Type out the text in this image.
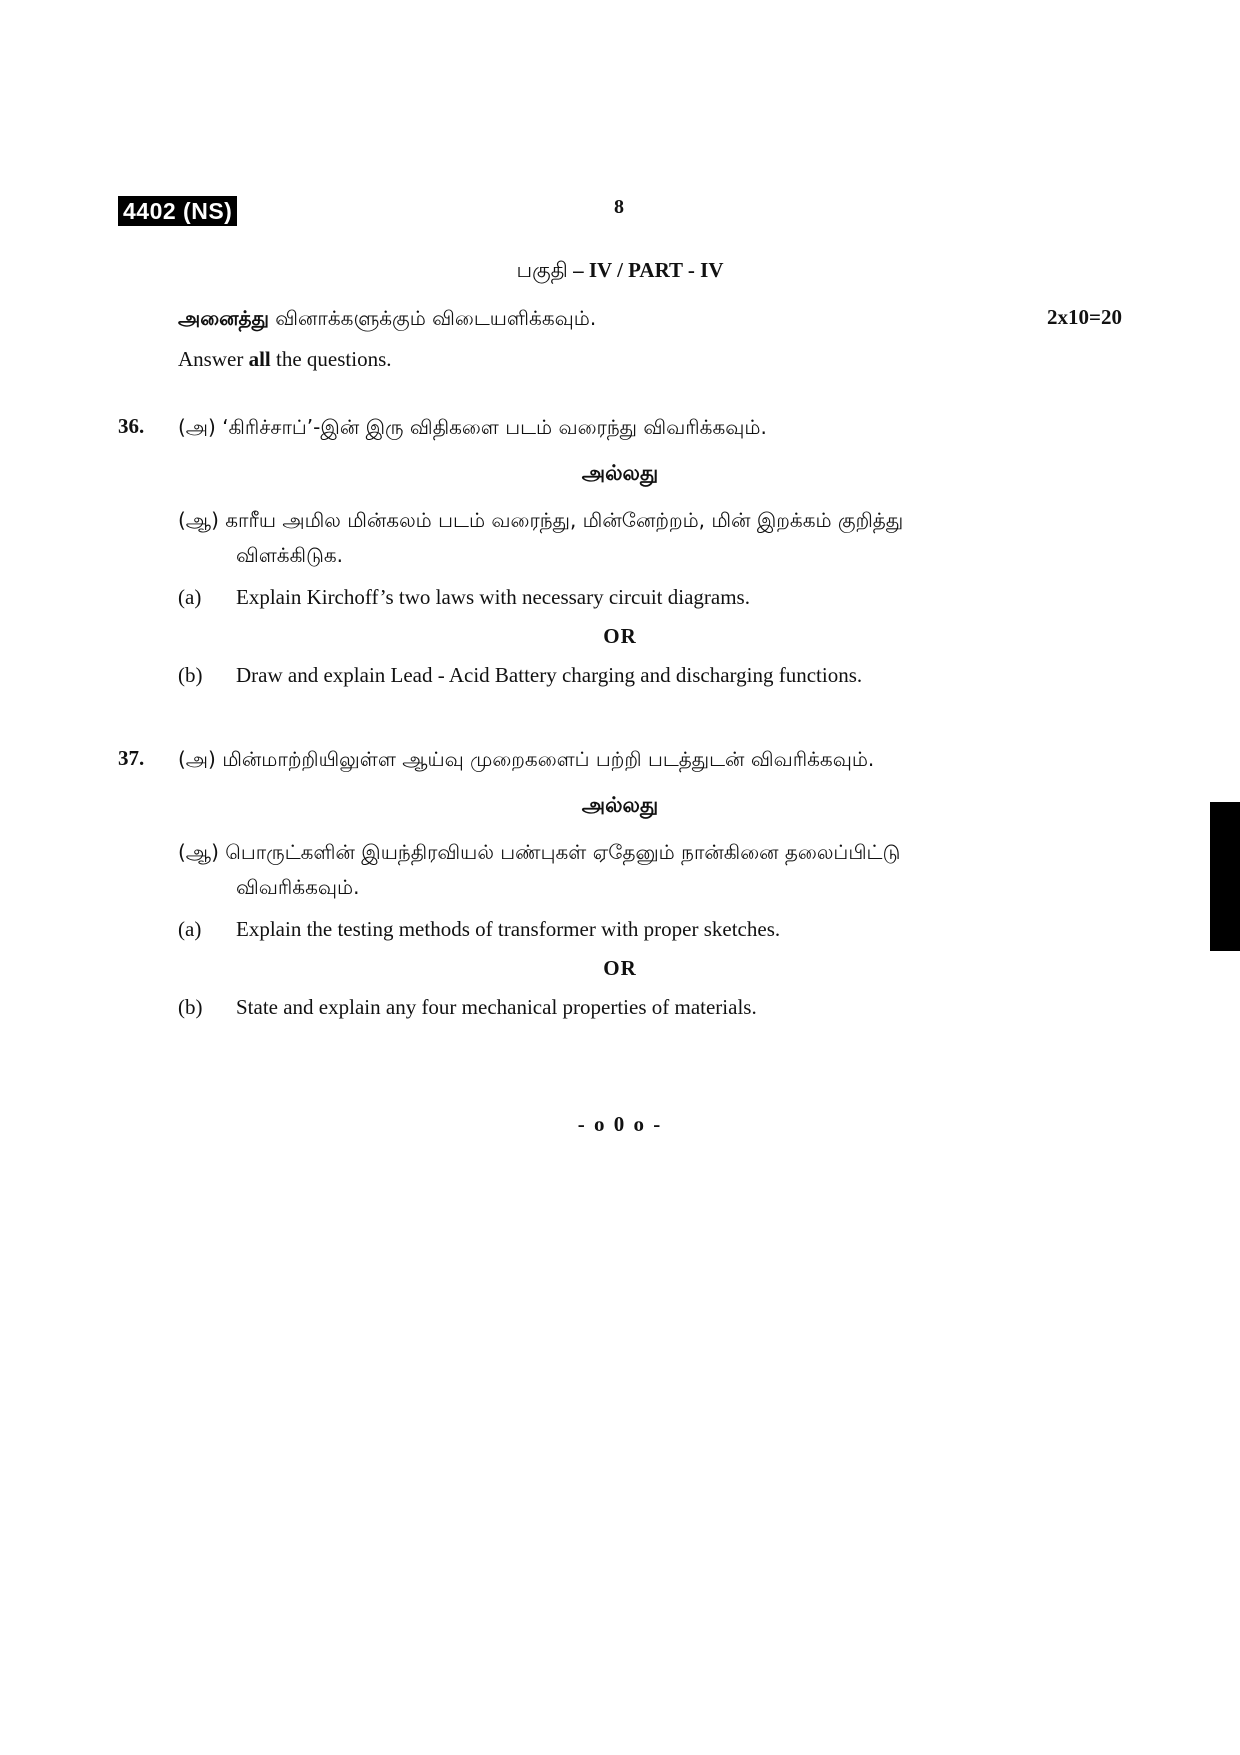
4402 (NS)	8
பகுதி – IV / PART - IV
அனைத்து வினாக்களுக்கும் விடையளிக்கவும்.	2x10=20
Answer all the questions.
36. (அ) ‘கிரிச்சாப்’-இன் இரு விதிகளை படம் வரைந்து விவரிக்கவும்.
அல்லது
(ஆ) காரீய அமில மின்கலம் படம் வரைந்து, மின்னேற்றம், மின் இறக்கம் குறித்து
விளக்கிடுக.
(a) Explain Kirchoff’s two laws with necessary circuit diagrams.
OR
(b) Draw and explain Lead - Acid Battery charging and discharging functions.
37. (அ) மின்மாற்றியிலுள்ள ஆய்வு முறைகளைப் பற்றி படத்துடன் விவரிக்கவும்.
அல்லது
(ஆ) பொருட்களின் இயந்திரவியல் பண்புகள் ஏதேனும் நான்கினை தலைப்பிட்டு
விவரிக்கவும்.
(a) Explain the testing methods of transformer with proper sketches.
OR
(b) State and explain any four mechanical properties of materials.
- o 0 o -
